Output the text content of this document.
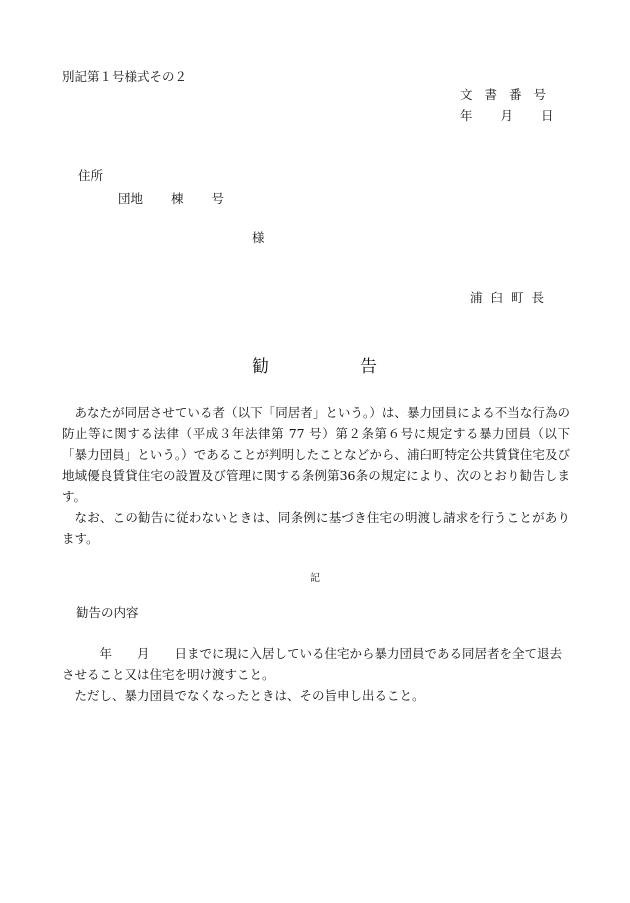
別記第１号様式その２
文 書 番 号
年 月 日
住所
団地 棟 号
様
浦 臼 町 長
勧	告

あなたが同居させている者（以下「同居者」という。）は、暴力団員による不当な行為の防止等に関する法律（平成３年法律第 77 号）第２条第６号に規定する暴力団員（以下「暴力団員」という。）であることが判明したことなどから、浦臼町特定公共賃貸住宅及び地域優良賃貸住宅の設置及び管理に関する条例第36条の規定により、次のとおり勧告します。

なお、この勧告に従わないときは、同条例に基づき住宅の明渡し請求を行うことがあります。

記
勧告の内容

年　　月　　日までに現に入居している住宅から暴力団員である同居者を全て退去させること又は住宅を明け渡すこと。

ただし、暴力団員でなくなったときは、その旨申し出ること。
